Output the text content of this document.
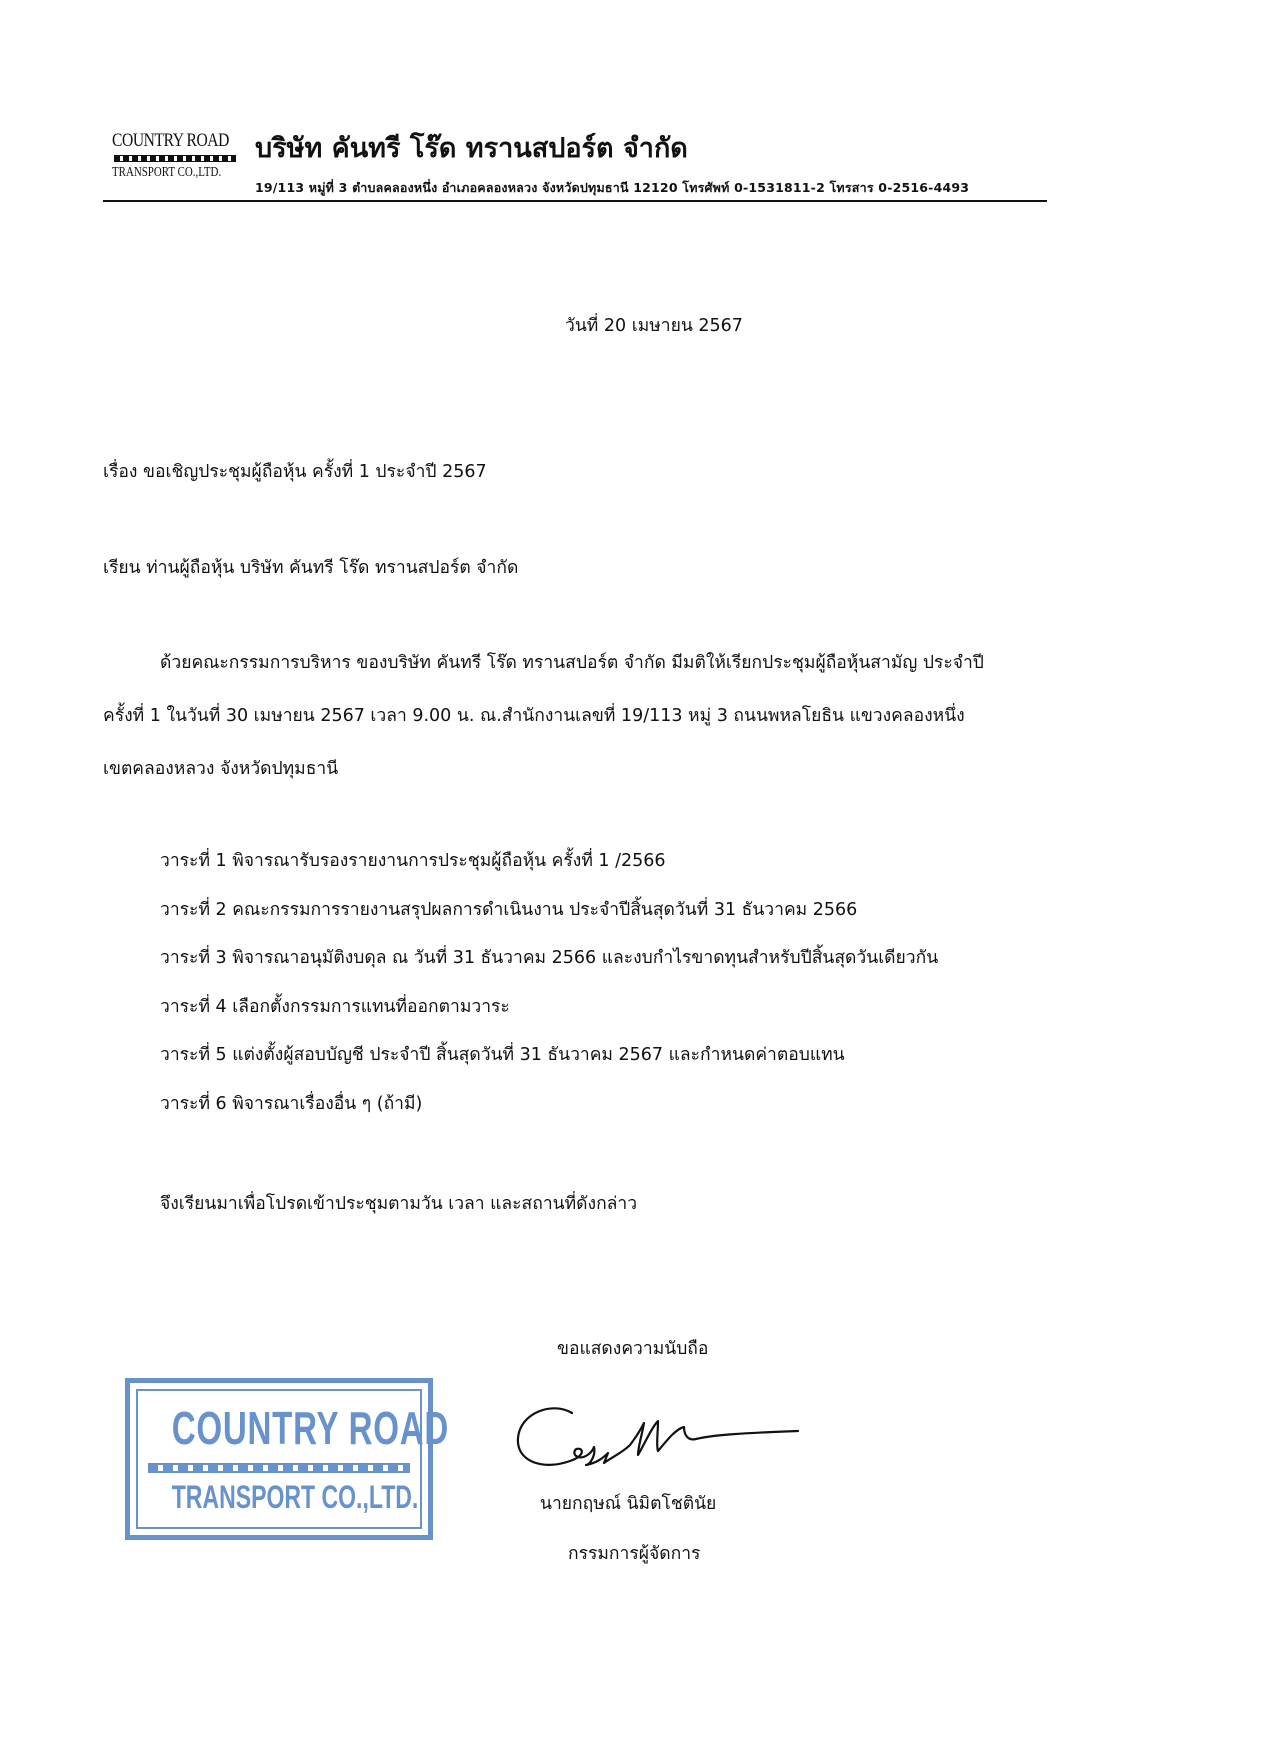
COUNTRY ROAD
TRANSPORT CO.,LTD.
บริษัท คันทรี โร๊ด ทรานสปอร์ต จำกัด
19/113 หมู่ที่ 3 ตำบลคลองหนึ่ง อำเภอคลองหลวง จังหวัดปทุมธานี 12120 โทรศัพท์ 0-1531811-2 โทรสาร 0-2516-4493
วันที่ 20 เมษายน 2567
เรื่อง ขอเชิญประชุมผู้ถือหุ้น ครั้งที่ 1 ประจำปี 2567
เรียน ท่านผู้ถือหุ้น บริษัท คันทรี โร๊ด ทรานสปอร์ต จำกัด
ด้วยคณะกรรมการบริหาร ของบริษัท คันทรี โร๊ด ทรานสปอร์ต จำกัด มีมติให้เรียกประชุมผู้ถือหุ้นสามัญ ประจำปี
ครั้งที่ 1 ในวันที่ 30 เมษายน 2567 เวลา 9.00 น. ณ.สำนักงานเลขที่ 19/113 หมู่ 3 ถนนพหลโยธิน แขวงคลองหนึ่ง
เขตคลองหลวง จังหวัดปทุมธานี
วาระที่ 1 พิจารณารับรองรายงานการประชุมผู้ถือหุ้น ครั้งที่ 1 /2566
วาระที่ 2 คณะกรรมการรายงานสรุปผลการดำเนินงาน ประจำปีสิ้นสุดวันที่ 31 ธันวาคม 2566
วาระที่ 3 พิจารณาอนุมัติงบดุล ณ วันที่ 31 ธันวาคม 2566 และงบกำไรขาดทุนสำหรับปีสิ้นสุดวันเดียวกัน
วาระที่ 4 เลือกตั้งกรรมการแทนที่ออกตามวาระ
วาระที่ 5 แต่งตั้งผู้สอบบัญชี ประจำปี สิ้นสุดวันที่ 31 ธันวาคม 2567 และกำหนดค่าตอบแทน
วาระที่ 6 พิจารณาเรื่องอื่น ๆ (ถ้ามี)
จึงเรียนมาเพื่อโปรดเข้าประชุมตามวัน เวลา และสถานที่ดังกล่าว
ขอแสดงความนับถือ
COUNTRY ROAD
TRANSPORT CO.,LTD.	นายกฤษณ์ นิมิตโชตินัย
กรรมการผู้จัดการ
